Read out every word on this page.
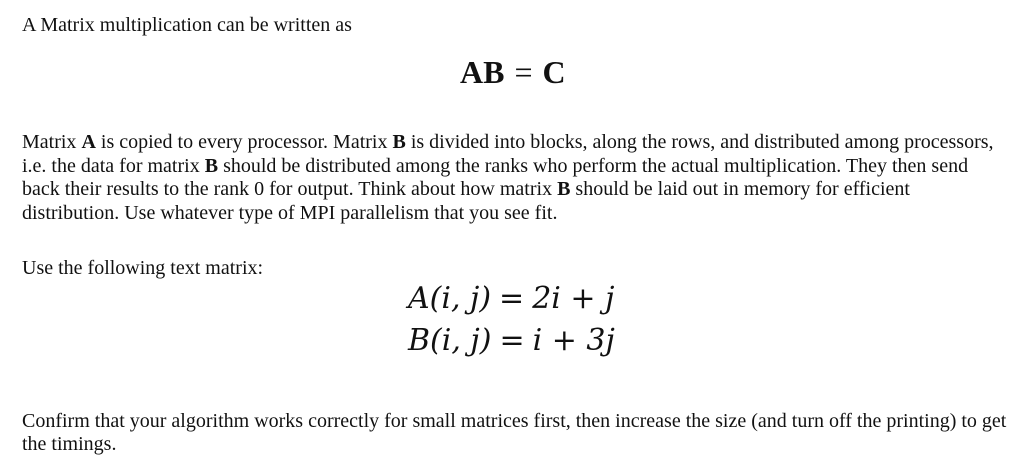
A Matrix multiplication can be written as

AB = C

Matrix A is copied to every processor. Matrix B is divided into blocks, along the rows, and distributed among processors, i.e. the data for matrix B should be distributed among the ranks who perform the actual multiplication. They then send back their results to the rank 0 for output. Think about how matrix B should be laid out in memory for efficient distribution. Use whatever type of MPI parallelism that you see fit.

Use the following text matrix:

A(i, j) = 2i + j
B(i, j) = i + 3j

Confirm that your algorithm works correctly for small matrices first, then increase the size (and turn off the printing) to get the timings.
